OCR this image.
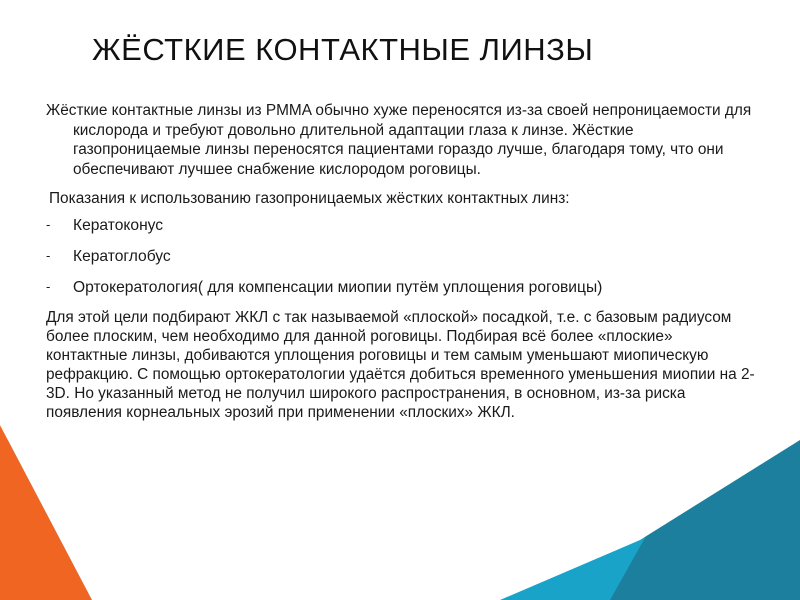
ЖЁСТКИЕ КОНТАКТНЫЕ ЛИНЗЫ
Жёсткие контактные линзы из PMMA обычно хуже переносятся из-за своей непроницаемости для кислорода и требуют довольно длительной адаптации глаза к линзе. Жёсткие газопроницаемые линзы переносятся пациентами гораздо лучше, благодаря тому, что они обеспечивают лучшее снабжение кислородом роговицы.
Показания к использованию газопроницаемых жёстких контактных линз:
- Кератоконус
- Кератоглобус
- Ортокератология( для компенсации миопии путём уплощения роговицы)
Для этой цели подбирают ЖКЛ с так называемой «плоской» посадкой, т.е. с базовым радиусом более плоским, чем необходимо для данной роговицы. Подбирая всё более «плоские» контактные линзы, добиваются уплощения роговицы и тем самым уменьшают миопическую рефракцию. С помощью ортокератологии удаётся добиться временного уменьшения миопии на 2-3D. Но указанный метод не получил широкого распространения, в основном, из-за риска появления корнеальных эрозий при применении «плоских» ЖКЛ.
